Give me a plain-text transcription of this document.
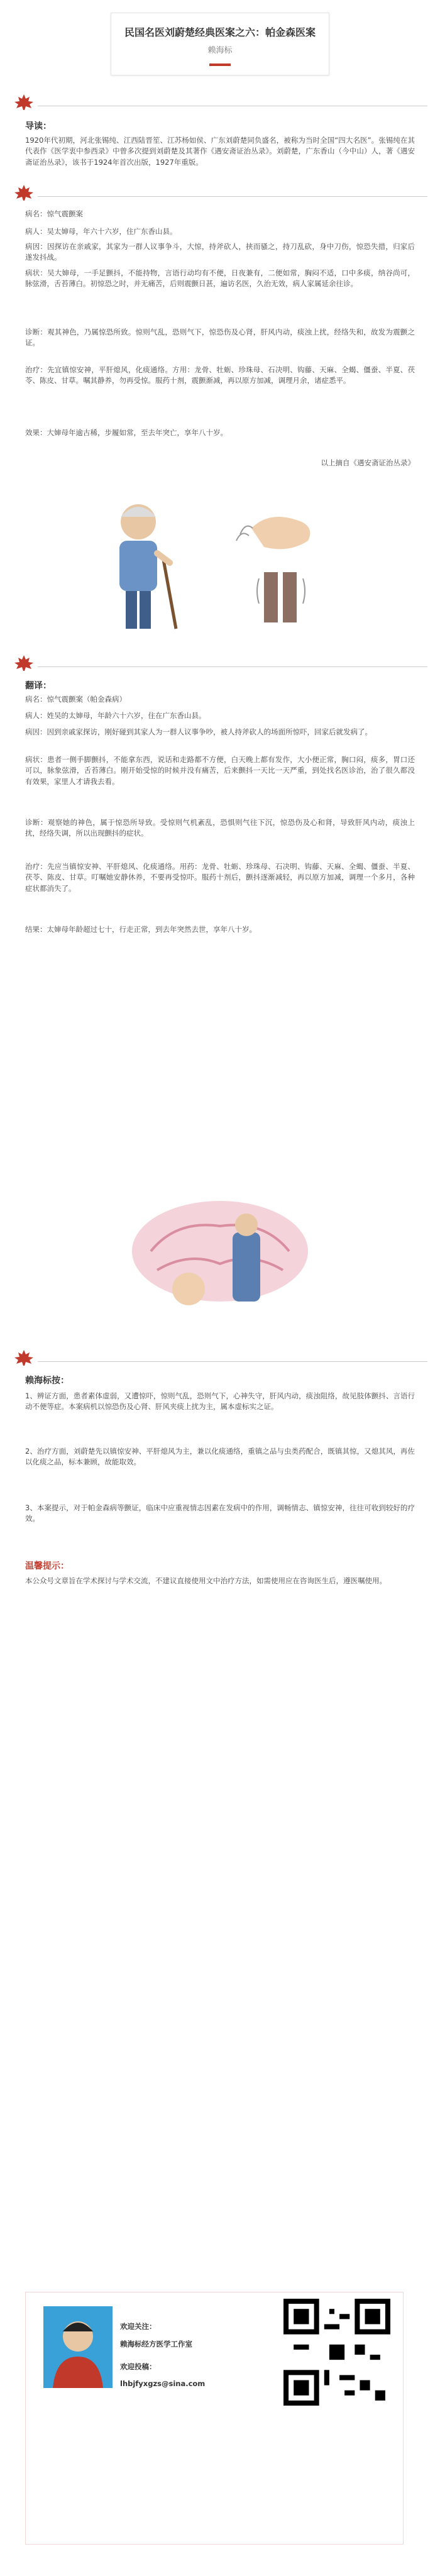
民国名医刘蔚楚经典医案之六：帕金森医案
赖海标
导读：
1920年代初期，河北张锡纯、江西陆晋笙、江苏杨如侯、广东刘蔚楚同负盛名，被称为当时全国“四大名医”。张锡纯在其代表作《医学衷中参西录》中曾多次提到刘蔚楚及其著作《遇安斋证治丛录》。刘蔚楚，广东香山（今中山）人，著《遇安斋证治丛录》，该书于1924年首次出版，1927年重版。
病名：惊气震颤案
病人：吴太婶母，年六十六岁，住广东香山县。
病因：因探访在亲戚家，其家为一群人议事争斗，大惊，持斧砍人，挟而骚之，持刀乱砍，身中刀伤，惊恐失措，归家后遂发抖战。
病状：吴大婶母，一手足颤抖，不能持物，言语行动均有不便，日夜兼有，二便如常，胸闷不适，口中多痰，纳谷尚可，脉弦滑，舌苔薄白。初惊恐之时，并无痛苦，后则震颤日甚，遍访名医，久治无效，病人家属延余往诊。
诊断：观其神色，乃属惊恐所致。惊则气乱，恐则气下，惊恐伤及心肾，肝风内动，痰浊上扰，经络失和，故发为震颤之证。
治疗：先宜镇惊安神，平肝熄风，化痰通络。方用：龙骨、牡蛎、珍珠母、石决明、钩藤、天麻、全蝎、僵蚕、半夏、茯苓、陈皮、甘草。嘱其静养，勿再受惊。服药十剂，震颤渐减，再以原方加减，调理月余，诸症悉平。
效果：大婶母年逾古稀，步履如常，至去年突亡，享年八十岁。
以上摘自《遇安斋证治丛录》
翻译：
病名：惊气震颤案（帕金森病）
病人：姓吴的太婶母，年龄六十六岁，住在广东香山县。
病因：因到亲戚家探访，刚好碰到其家人为一群人议事争吵，被人持斧砍人的场面所惊吓，回家后就发病了。
病状：患者一侧手脚颤抖，不能拿东西，说话和走路都不方便，白天晚上都有发作，大小便正常，胸口闷，痰多，胃口还可以，脉象弦滑，舌苔薄白。刚开始受惊的时候并没有痛苦，后来颤抖一天比一天严重，到处找名医诊治，治了很久都没有效果，家里人才请我去看。
诊断：观察她的神色，属于惊恐所导致。受惊则气机紊乱，恐惧则气往下沉，惊恐伤及心和肾，导致肝风内动，痰浊上扰，经络失调，所以出现颤抖的症状。
治疗：先应当镇惊安神、平肝熄风、化痰通络。用药：龙骨、牡蛎、珍珠母、石决明、钩藤、天麻、全蝎、僵蚕、半夏、茯苓、陈皮、甘草。叮嘱她安静休养，不要再受惊吓。服药十剂后，颤抖逐渐减轻，再以原方加减，调理一个多月，各种症状都消失了。
结果：太婶母年龄超过七十，行走正常，到去年突然去世，享年八十岁。
赖海标按：
1、辨证方面，患者素体虚弱，又遭惊吓，惊则气乱，恐则气下，心神失守，肝风内动，痰浊阻络，故见肢体颤抖、言语行动不便等症。本案病机以惊恐伤及心肾、肝风夹痰上扰为主，属本虚标实之证。
2、治疗方面，刘蔚楚先以镇惊安神、平肝熄风为主，兼以化痰通络，重镇之品与虫类药配合，既镇其惊，又熄其风，再佐以化痰之品，标本兼顾，故能取效。
3、本案提示，对于帕金森病等颤证，临床中应重视情志因素在发病中的作用，调畅情志、镇惊安神，往往可收到较好的疗效。
温馨提示：
本公众号文章旨在学术探讨与学术交流，不建议直接使用文中治疗方法，如需使用应在咨询医生后，遵医嘱使用。
欢迎关注：
赖海标经方医学工作室
欢迎投稿：
lhbjfyxgzs@sina.com
